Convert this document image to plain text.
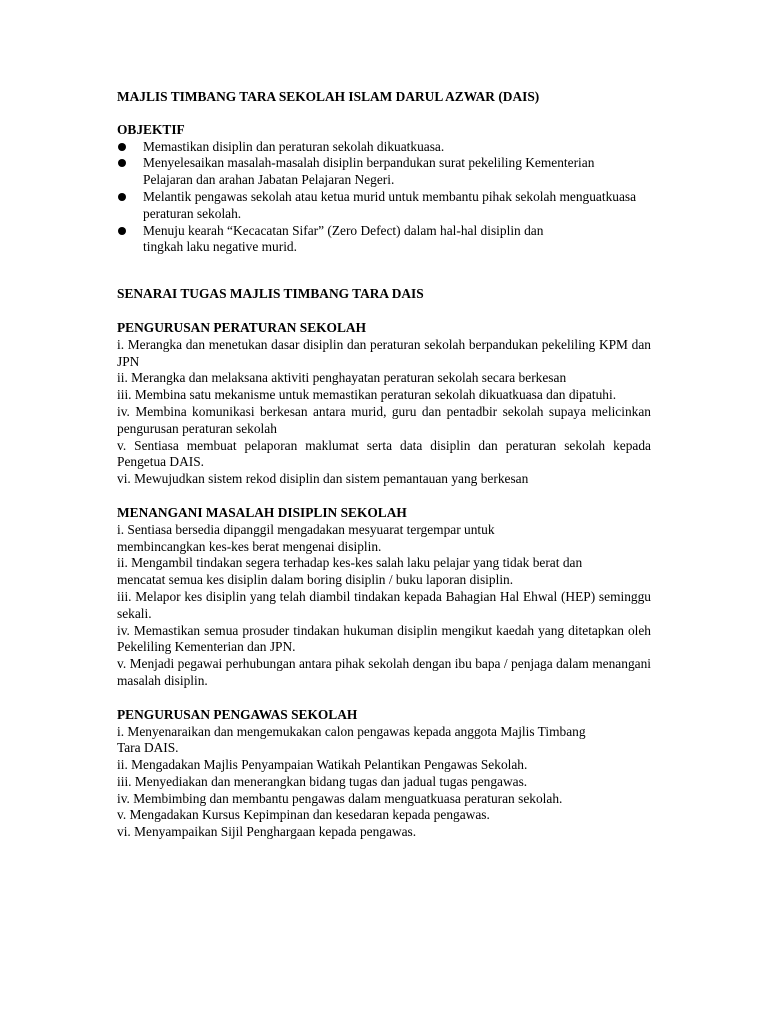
MAJLIS TIMBANG TARA SEKOLAH ISLAM DARUL AZWAR (DAIS)

OBJEKTIF

Memastikan disiplin dan peraturan sekolah dikuatkuasa.
Menyelesaikan masalah-masalah disiplin berpandukan surat pekeliling Kementerian Pelajaran dan arahan Jabatan Pelajaran Negeri.
Melantik pengawas sekolah atau ketua murid untuk membantu pihak sekolah menguatkuasa peraturan sekolah.
Menuju kearah “Kecacatan Sifar” (Zero Defect) dalam hal-hal disiplin dan tingkah laku negative murid.

SENARAI TUGAS MAJLIS TIMBANG TARA DAIS

PENGURUSAN PERATURAN SEKOLAH

i. Merangka dan menetukan dasar disiplin dan peraturan sekolah berpandukan pekeliling KPM dan JPN
ii. Merangka dan melaksana aktiviti penghayatan peraturan sekolah secara berkesan
iii. Membina satu mekanisme untuk memastikan peraturan sekolah dikuatkuasa dan dipatuhi.
iv. Membina komunikasi berkesan antara murid, guru dan pentadbir sekolah supaya melicinkan pengurusan peraturan sekolah
v. Sentiasa membuat pelaporan maklumat serta data disiplin dan peraturan sekolah kepada Pengetua DAIS.
vi. Mewujudkan sistem rekod disiplin dan sistem pemantauan yang berkesan

MENANGANI MASALAH DISIPLIN SEKOLAH

i. Sentiasa bersedia dipanggil mengadakan mesyuarat tergempar untuk membincangkan kes-kes berat mengenai disiplin.
ii. Mengambil tindakan segera terhadap kes-kes salah laku pelajar yang tidak berat dan mencatat semua kes disiplin dalam boring disiplin / buku laporan disiplin.
iii. Melapor kes disiplin yang telah diambil tindakan kepada Bahagian Hal Ehwal (HEP) seminggu sekali.
iv. Memastikan semua prosuder tindakan hukuman disiplin mengikut kaedah yang ditetapkan oleh Pekeliling Kementerian dan JPN.
v. Menjadi pegawai perhubungan antara pihak sekolah dengan ibu bapa / penjaga dalam menangani masalah disiplin.

PENGURUSAN PENGAWAS SEKOLAH

i. Menyenaraikan dan mengemukakan calon pengawas kepada anggota Majlis Timbang Tara DAIS.
ii. Mengadakan Majlis Penyampaian Watikah Pelantikan Pengawas Sekolah.
iii. Menyediakan dan menerangkan bidang tugas dan jadual tugas pengawas.
iv. Membimbing dan membantu pengawas dalam menguatkuasa peraturan sekolah.
v. Mengadakan Kursus Kepimpinan dan kesedaran kepada pengawas.
vi. Menyampaikan Sijil Penghargaan kepada pengawas.
